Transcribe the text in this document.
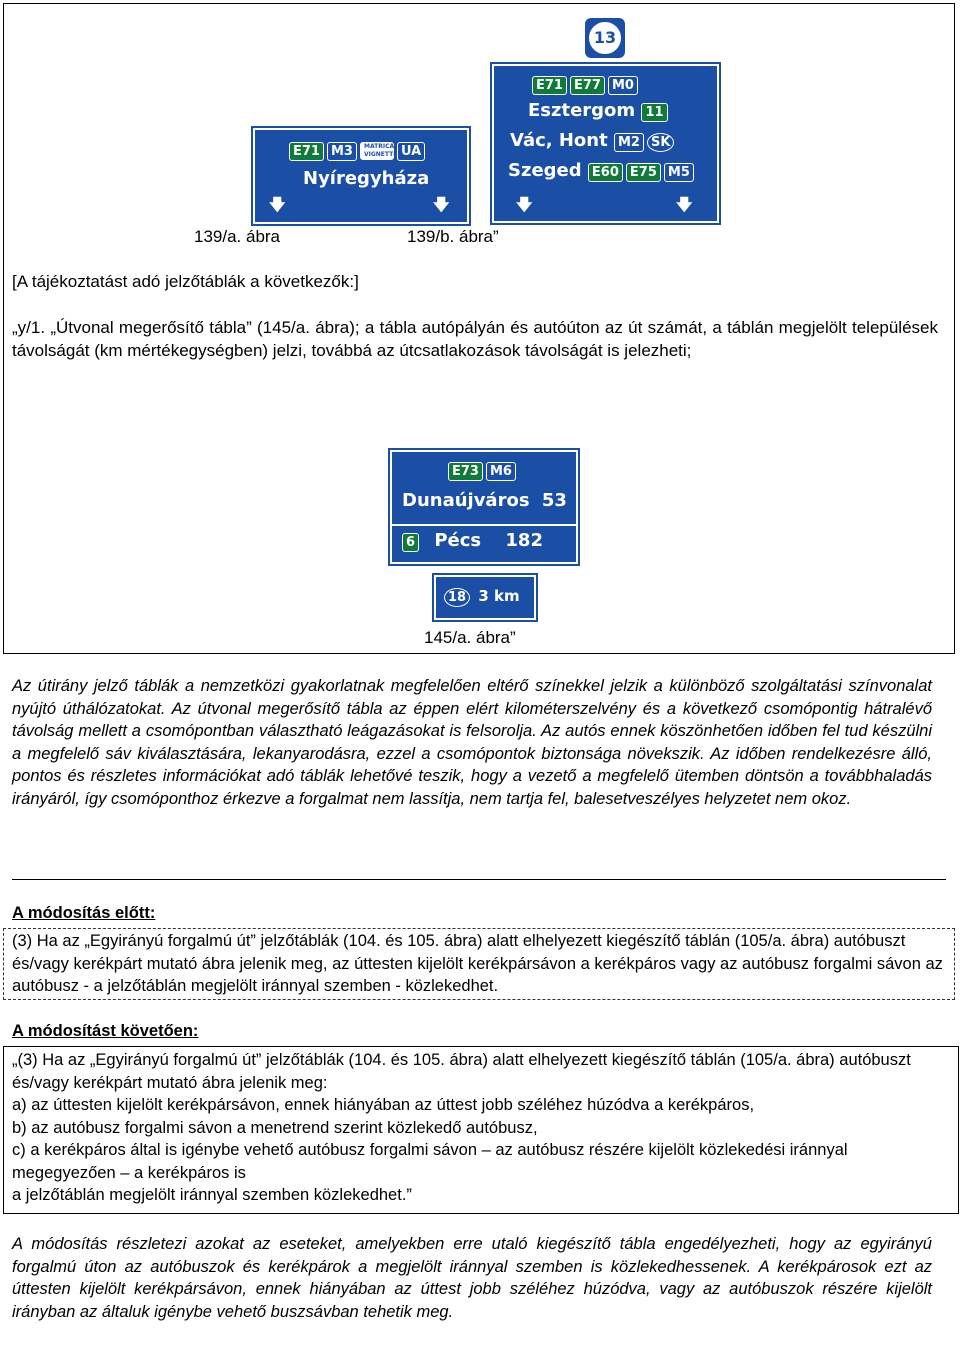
E71 M3 MATRICA VIGNETTE UA
Nyíregyháza
🡇	🡇
13
E71 E77 M0
Esztergom 11
Vác, Hont M2 SK
Szeged E60 E75 M5
🡇	🡇
139/a. ábra	139/b. ábra”
[A tájékoztatást adó jelzőtáblák a következők:]
„y/1. „Útvonal megerősítő tábla” (145/a. ábra); a tábla autópályán és autóúton az út számát, a táblán megjelölt települések távolságát (km mértékegységben) jelzi, továbbá az útcsatlakozások távolságát is jelezheti;
E73 M6
Dunaújváros 53
6 Pécs 182
18 3 km
145/a. ábra”
Az útirány jelző táblák a nemzetközi gyakorlatnak megfelelően eltérő színekkel jelzik a különböző szolgáltatási színvonalat nyújtó úthálózatokat. Az útvonal megerősítő tábla az éppen elért kilométerszelvény és a következő csomópontig hátralévő távolság mellett a csomópontban választható leágazásokat is felsorolja. Az autós ennek köszönhetően időben fel tud készülni a megfelelő sáv kiválasztására, lekanyarodásra, ezzel a csomópontok biztonsága növekszik. Az időben rendelkezésre álló, pontos és részletes információkat adó táblák lehetővé teszik, hogy a vezető a megfelelő ütemben döntsön a továbbhaladás irányáról, így csomóponthoz érkezve a forgalmat nem lassítja, nem tartja fel, balesetveszélyes helyzetet nem okoz.
A módosítás előtt:
(3) Ha az „Egyirányú forgalmú út” jelzőtáblák (104. és 105. ábra) alatt elhelyezett kiegészítő táblán (105/a. ábra) autóbuszt és/vagy kerékpárt mutató ábra jelenik meg, az úttesten kijelölt kerékpársávon a kerékpáros vagy az autóbusz forgalmi sávon az autóbusz - a jelzőtáblán megjelölt iránnyal szemben - közlekedhet.
A módosítást követően:
„(3) Ha az „Egyirányú forgalmú út” jelzőtáblák (104. és 105. ábra) alatt elhelyezett kiegészítő táblán (105/a. ábra) autóbuszt és/vagy kerékpárt mutató ábra jelenik meg:
a) az úttesten kijelölt kerékpársávon, ennek hiányában az úttest jobb széléhez húzódva a kerékpáros,
b) az autóbusz forgalmi sávon a menetrend szerint közlekedő autóbusz,
c) a kerékpáros által is igénybe vehető autóbusz forgalmi sávon – az autóbusz részére kijelölt közlekedési iránnyal megegyezően – a kerékpáros is
a jelzőtáblán megjelölt iránnyal szemben közlekedhet.”
A módosítás részletezi azokat az eseteket, amelyekben erre utaló kiegészítő tábla engedélyezheti, hogy az egyirányú forgalmú úton az autóbuszok és kerékpárok a megjelölt iránnyal szemben is közlekedhessenek. A kerékpárosok ezt az úttesten kijelölt kerékpársávon, ennek hiányában az úttest jobb széléhez húzódva, vagy az autóbuszok részére kijelölt irányban az általuk igénybe vehető buszsávban tehetik meg.
